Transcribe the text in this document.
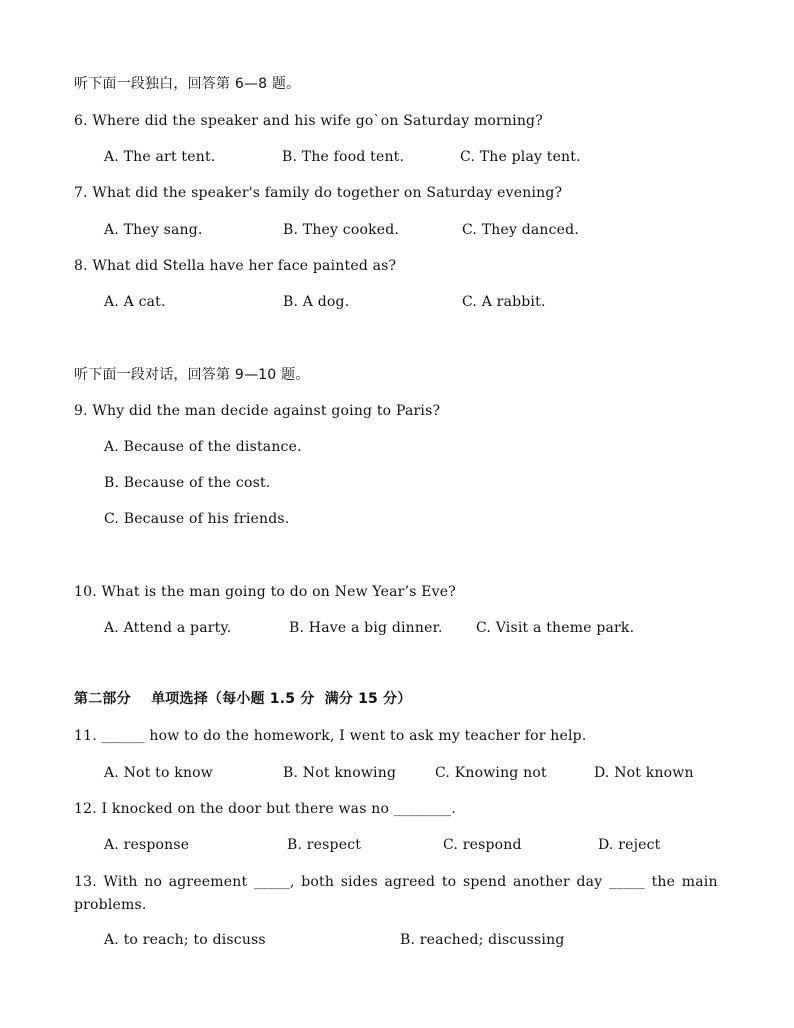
听下面一段独白，回答第 6—8 题。
6. Where did the speaker and his wife go`on Saturday morning?
A. The art tent.	B. The food tent.	C. The play tent.
7. What did the speaker's family do together on Saturday evening?
A. They sang.	B. They cooked.	C. They danced.
8. What did Stella have her face painted as?
A. A cat.	B. A dog.	C. A rabbit.
听下面一段对话，回答第 9—10 题。
9. Why did the man decide against going to Paris?
A. Because of the distance.
B. Because of the cost.
C. Because of his friends.
10. What is the man going to do on New Year’s Eve?
A. Attend a party.	B. Have a big dinner. C. Visit a theme park.
第二部分    单项选择（每小题 1.5 分  满分 15 分）
11. ______ how to do the homework, I went to ask my teacher for help.
A. Not to know	B. Not knowing	C. Knowing not	D. Not known
12. I knocked on the door but there was no ________.
A. response	B. respect	C. respond	D. reject
13. With no agreement _____, both sides agreed to spend another day _____ the main problems.
A. to reach; to discuss	B. reached; discussing
